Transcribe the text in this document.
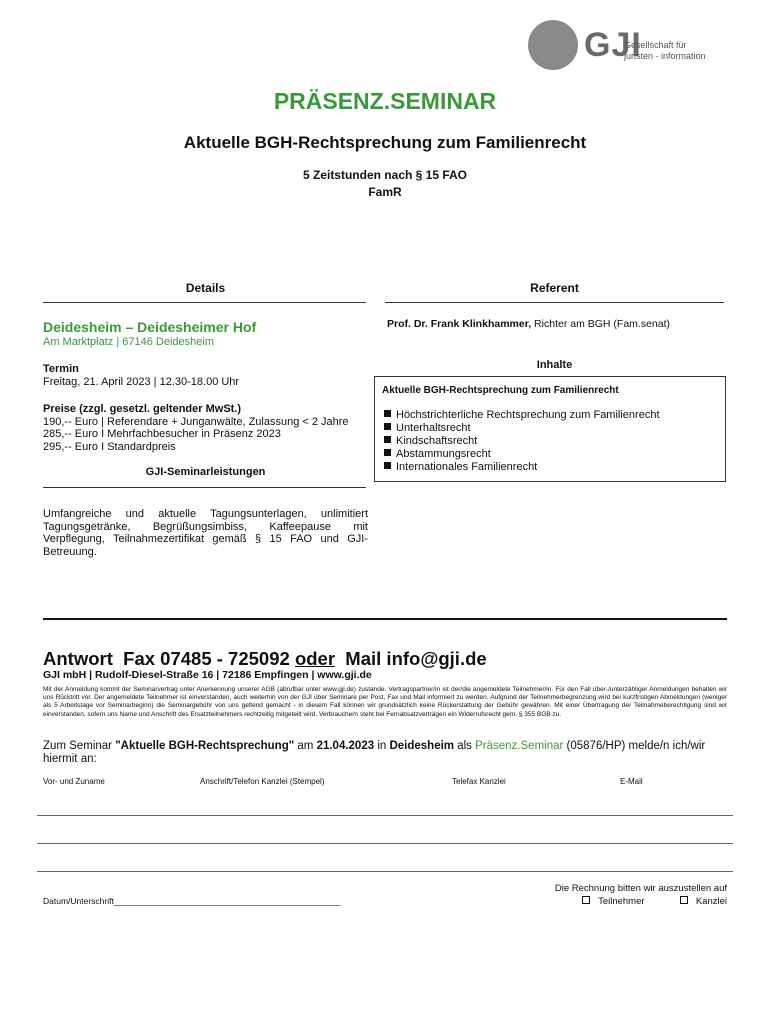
GJI
Gesellschaft für
juristen - information
PRÄSENZ.SEMINAR
Aktuelle BGH-Rechtsprechung zum Familienrecht
5 Zeitstunden nach § 15 FAO
FamR
Details	Referent
Deidesheim – Deidesheimer Hof
Am Marktplatz | 67146 Deidesheim
Termin
Freitag, 21. April 2023 | 12.30-18.00 Uhr
Preise (zzgl. gesetzl. geltender MwSt.)
190,-- Euro | Referendare + Junganwälte, Zulassung < 2 Jahre
285,-- Euro I Mehrfachbesucher in Präsenz 2023
295,-- Euro I Standardpreis
GJI-Seminarleistungen
Umfangreiche und aktuelle Tagungsunterlagen, unlimitiert Tagungsgetränke, Begrüßungsimbiss, Kaffeepause mit Verpflegung, Teilnahmezertifikat gemäß § 15 FAO und GJI-Betreuung.
Prof. Dr. Frank Klinkhammer, Richter am BGH (Fam.senat)
Inhalte
Aktuelle BGH-Rechtsprechung zum Familienrecht
Höchstrichterliche Rechtsprechung zum Familienrecht
Unterhaltsrecht
Kindschaftsrecht
Abstammungsrecht
Internationales Familienrecht
Antwort  Fax 07485 - 725092 oder  Mail info@gji.de
GJI mbH | Rudolf-Diesel-Straße 16 | 72186 Empfingen | www.gji.de
Mit der Anmeldung kommt der Seminarvertrag unter Anerkennung unserer AGB (abrufbar unter www.gji.de) zustande. Vertragspartner/in ist der/die angemeldete Teilnehmer/in. Für den Fall über-/unterzähliger Anmeldungen behalten wir uns Rücktritt vor. Der angemeldete Teilnehmer ist einverstanden, auch weiterhin von der GJI über Seminare per Post, Fax und Mail informiert zu werden. Aufgrund der Teilnehmerbegrenzung wird bei kurzfristigen Abmeldungen (weniger als 5 Arbeitstage vor Seminarbeginn) die Seminargebühr von uns geltend gemacht - in diesem Fall können wir grundsätzlich keine Rückerstattung der Gebühr gewähren. Mit einer Übertragung der Teilnahmeberechtigung sind wir einverstanden, sofern uns Name und Anschrift des Ersatzteilnehmers rechtzeitig mitgeteilt wird. Verbrauchern steht bei Fernabsatzverträgen ein Widerrufsrecht gem. § 355 BGB zu.
Zum Seminar "Aktuelle BGH-Rechtsprechung" am 21.04.2023 in Deidesheim als Präsenz.Seminar (05876/HP) melde/n ich/wir
hiermit an:
Vor- und Zuname	Anschrift/Telefon Kanzlei (Stempel)	Telefax Kanzlei	E-Mail
Datum/Unterschrift________________________________________________
Die Rechnung bitten wir auszustellen auf
Teilnehmer	Kanzlei
